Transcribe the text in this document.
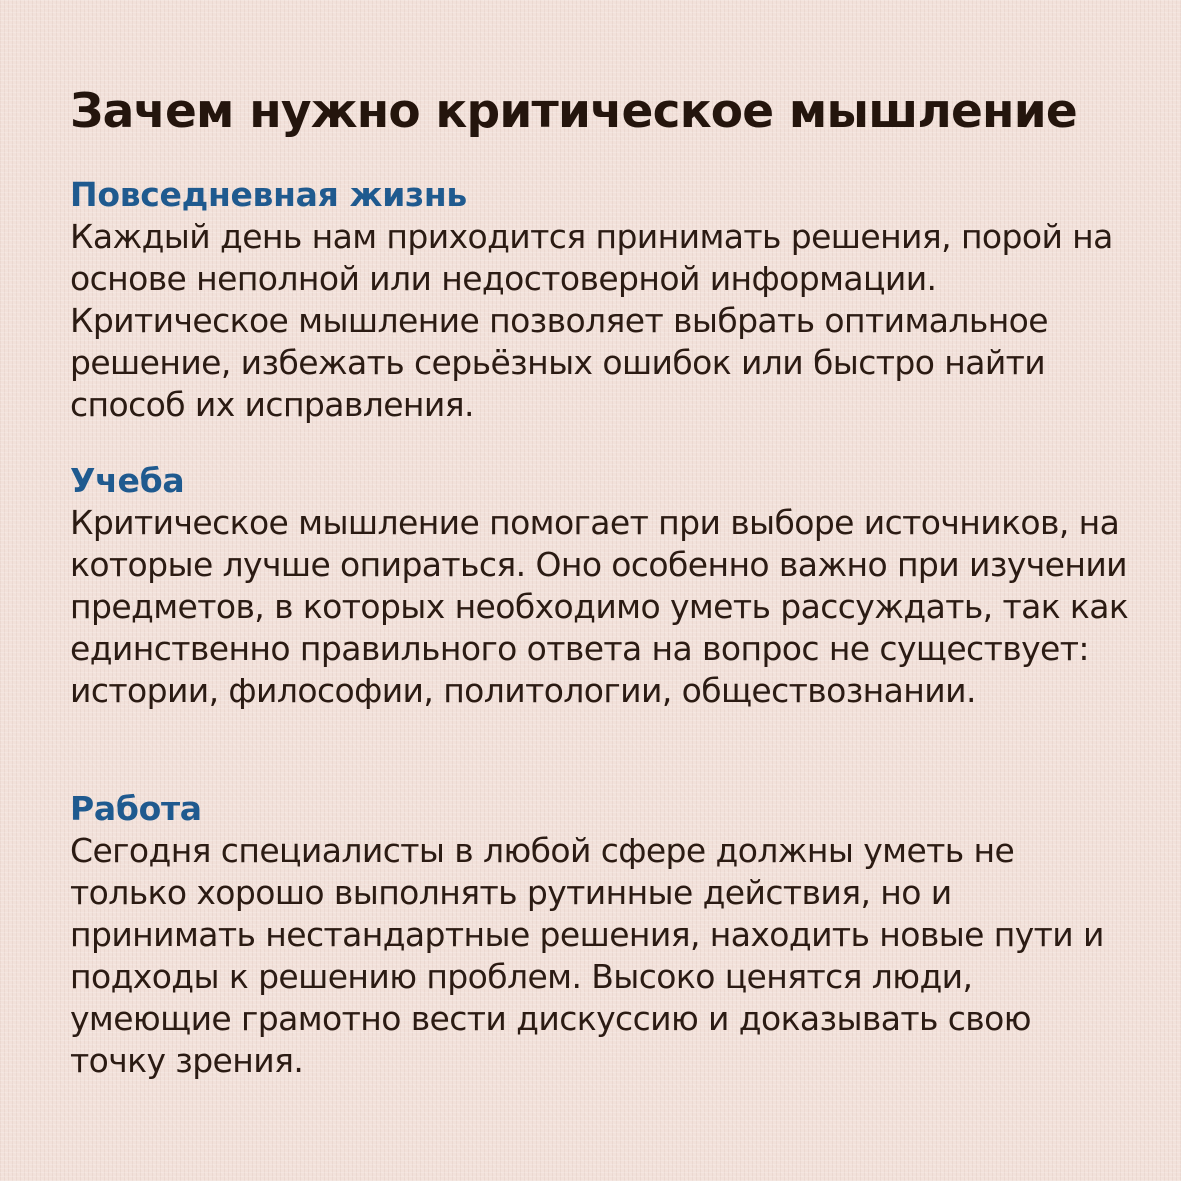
Зачем нужно критическое мышление
Повседневная жизнь

Каждый день нам приходится принимать решения, порой на основе неполной или недостоверной информации. Критическое мышление позволяет выбрать оптимальное решение, избежать серьёзных ошибок или быстро найти способ их исправления.

Учеба

Критическое мышление помогает при выборе источников, на которые лучше опираться. Оно особенно важно при изучении предметов, в которых необходимо уметь рассуждать, так как единственно правильного ответа на вопрос не существует: истории, философии, политологии, обществознании.

Работа

Сегодня специалисты в любой сфере должны уметь не только хорошо выполнять рутинные действия, но и принимать нестандартные решения, находить новые пути и подходы к решению проблем. Высоко ценятся люди, умеющие грамотно вести дискуссию и доказывать свою точку зрения.
